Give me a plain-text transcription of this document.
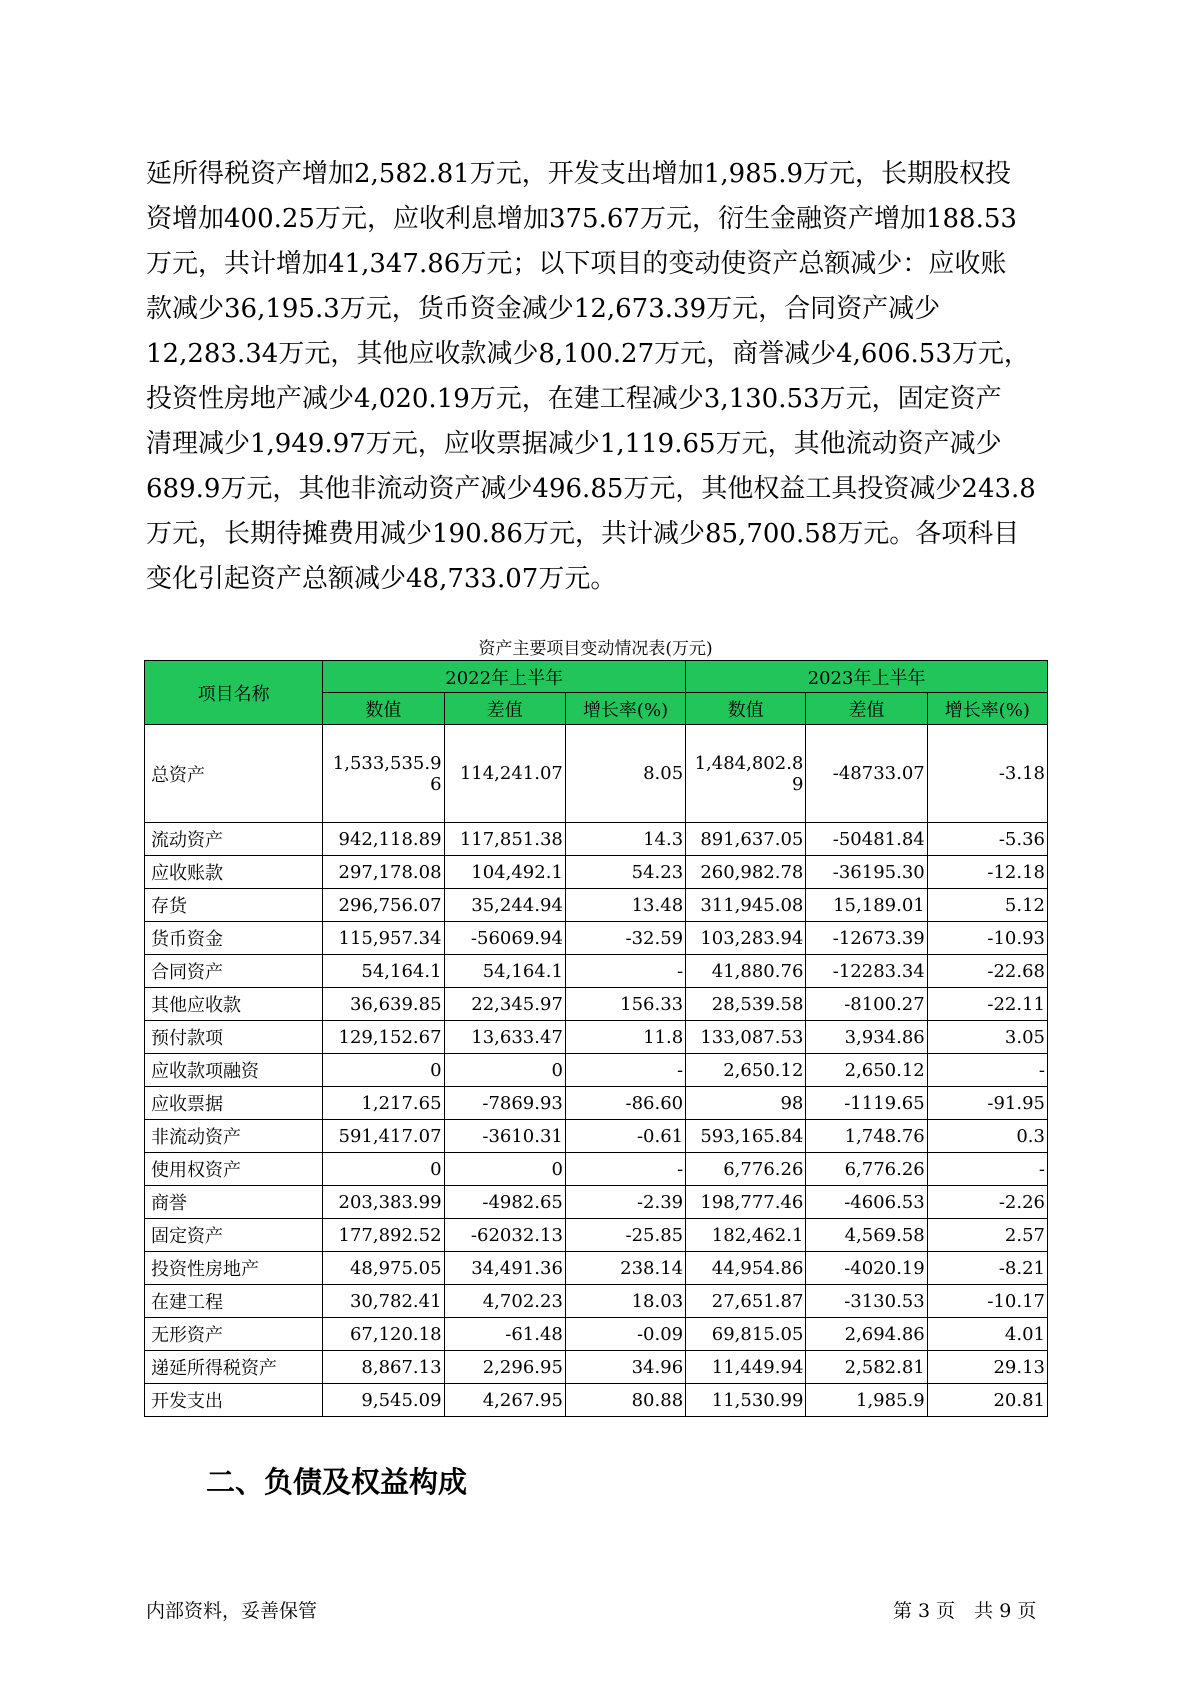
延所得税资产增加2,582.81万元，开发支出增加1,985.9万元，长期股权投
资增加400.25万元，应收利息增加375.67万元，衍生金融资产增加188.53
万元，共计增加41,347.86万元；以下项目的变动使资产总额减少：应收账
款减少36,195.3万元，货币资金减少12,673.39万元，合同资产减少
12,283.34万元，其他应收款减少8,100.27万元，商誉减少4,606.53万元，
投资性房地产减少4,020.19万元，在建工程减少3,130.53万元，固定资产
清理减少1,949.97万元，应收票据减少1,119.65万元，其他流动资产减少
689.9万元，其他非流动资产减少496.85万元，其他权益工具投资减少243.8
万元，长期待摊费用减少190.86万元，共计减少85,700.58万元。各项科目
变化引起资产总额减少48,733.07万元。
资产主要项目变动情况表(万元)
项目名称	2022年上半年			2023年上半年		
	数值	差值	增长率(%)	数值	差值	增长率(%)
总资产	1,533,535.9 6	114,241.07	8.05	1,484,802.8 9	-48733.07	-3.18
流动资产	942,118.89	117,851.38	14.3	891,637.05	-50481.84	-5.36
应收账款	297,178.08	104,492.1	54.23	260,982.78	-36195.30	-12.18
存货	296,756.07	35,244.94	13.48	311,945.08	15,189.01	5.12
货币资金	115,957.34	-56069.94	-32.59	103,283.94	-12673.39	-10.93
合同资产	54,164.1	54,164.1	-	41,880.76	-12283.34	-22.68
其他应收款	36,639.85	22,345.97	156.33	28,539.58	-8100.27	-22.11
预付款项	129,152.67	13,633.47	11.8	133,087.53	3,934.86	3.05
应收款项融资	0	0	-	2,650.12	2,650.12	-
应收票据	1,217.65	-7869.93	-86.60	98	-1119.65	-91.95
非流动资产	591,417.07	-3610.31	-0.61	593,165.84	1,748.76	0.3
使用权资产	0	0	-	6,776.26	6,776.26	-
商誉	203,383.99	-4982.65	-2.39	198,777.46	-4606.53	-2.26
固定资产	177,892.52	-62032.13	-25.85	182,462.1	4,569.58	2.57
投资性房地产	48,975.05	34,491.36	238.14	44,954.86	-4020.19	-8.21
在建工程	30,782.41	4,702.23	18.03	27,651.87	-3130.53	-10.17
无形资产	67,120.18	-61.48	-0.09	69,815.05	2,694.86	4.01
递延所得税资产	8,867.13	2,296.95	34.96	11,449.94	2,582.81	29.13
开发支出	9,545.09	4,267.95	80.88	11,530.99	1,985.9	20.81
二、负债及权益构成
内部资料，妥善保管	第 3 页　共 9 页
